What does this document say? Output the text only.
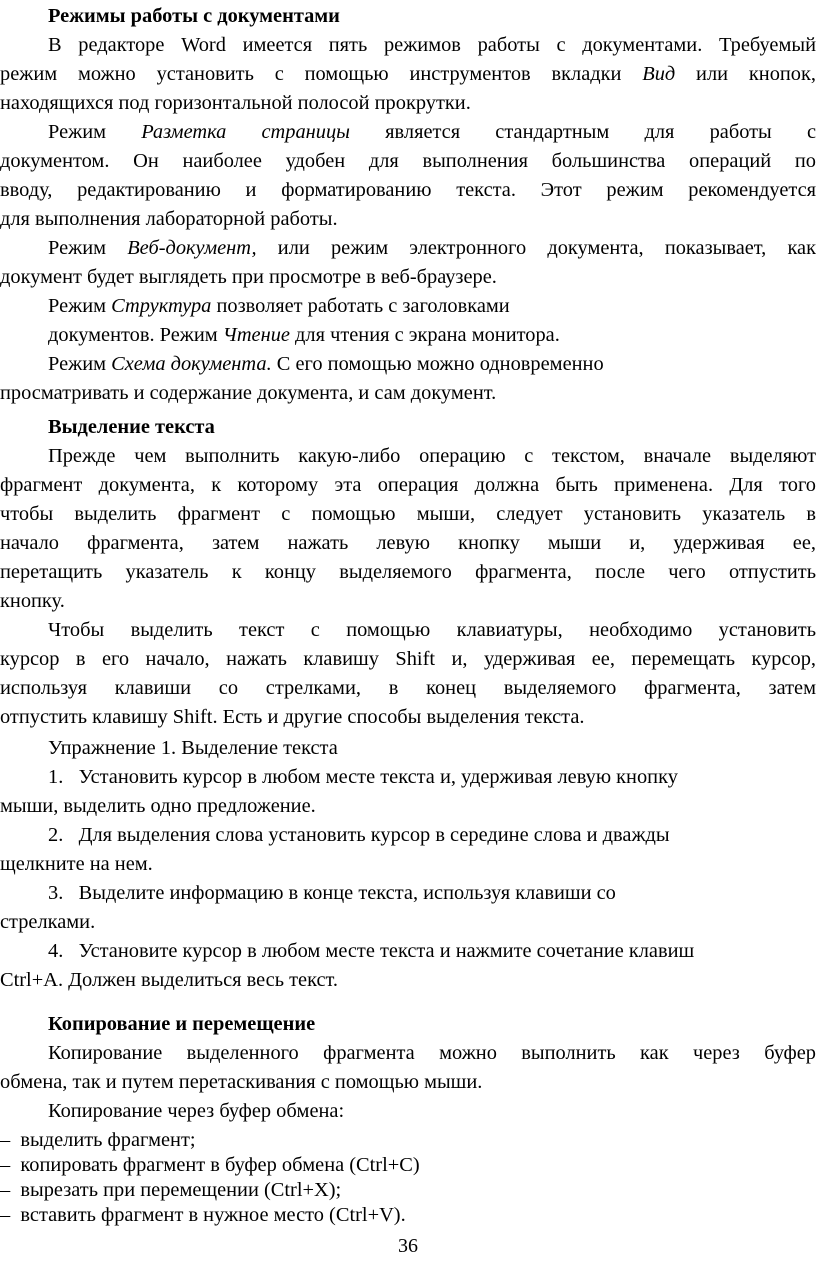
Режимы работы с документами
В редакторе Word имеется пять режимов работы с документами. Требуемый
режим можно установить с помощью инструментов вкладки Вид или кнопок,
находящихся под горизонтальной полосой прокрутки.
Режим Разметка страницы является стандартным для работы с
документом. Он наиболее удобен для выполнения большинства операций по
вводу, редактированию и форматированию текста. Этот режим рекомендуется
для выполнения лабораторной работы.
Режим Веб-документ, или режим электронного документа, показывает, как
документ будет выглядеть при просмотре в веб-браузере.
Режим Структура позволяет работать с заголовками
документов. Режим Чтение для чтения с экрана монитора.
Режим Схема документа. С его помощью можно одновременно
просматривать и содержание документа, и сам документ.
Выделение текста
Прежде чем выполнить какую-либо операцию с текстом, вначале выделяют
фрагмент документа, к которому эта операция должна быть применена. Для того
чтобы выделить фрагмент с помощью мыши, следует установить указатель в
начало фрагмента, затем нажать левую кнопку мыши и, удерживая ее,
перетащить указатель к концу выделяемого фрагмента, после чего отпустить
кнопку.
Чтобы выделить текст с помощью клавиатуры, необходимо установить
курсор в его начало, нажать клавишу Shift и, удерживая ее, перемещать курсор,
используя клавиши со стрелками, в конец выделяемого фрагмента, затем
отпустить клавишу Shift. Есть и другие способы выделения текста.
Упражнение 1. Выделение текста
1. Установить курсор в любом месте текста и, удерживая левую кнопку
мыши, выделить одно предложение.
2. Для выделения слова установить курсор в середине слова и дважды
щелкните на нем.
3. Выделите информацию в конце текста, используя клавиши со
стрелками.
4. Установите курсор в любом месте текста и нажмите сочетание клавиш
Ctrl+A. Должен выделиться весь текст.
Копирование и перемещение
Копирование выделенного фрагмента можно выполнить как через буфер
обмена, так и путем перетаскивания с помощью мыши.
Копирование через буфер обмена:
– выделить фрагмент;
– копировать фрагмент в буфер обмена (Ctrl+C)
– вырезать при перемещении (Ctrl+X);
– вставить фрагмент в нужное место (Ctrl+V).
36
